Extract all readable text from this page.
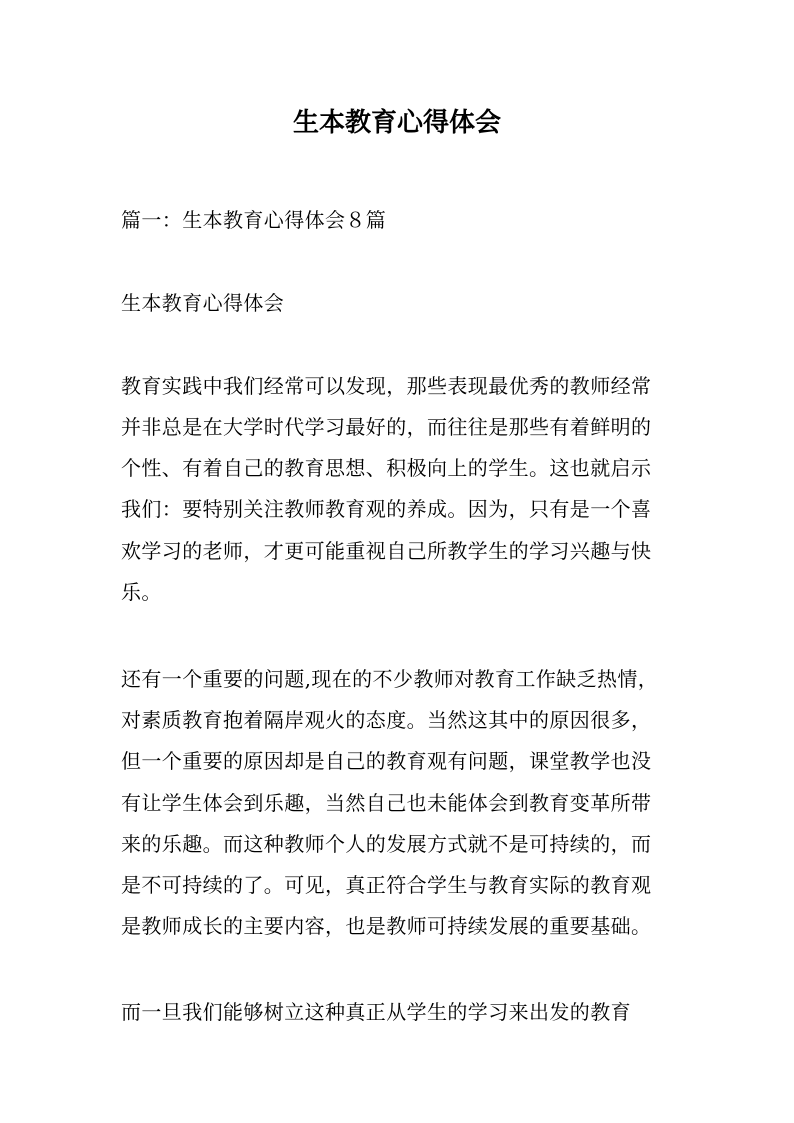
生本教育心得体会

篇一：生本教育心得体会８篇

生本教育心得体会

教育实践中我们经常可以发现，那些表现最优秀的教师经常

并非总是在大学时代学习最好的，而往往是那些有着鲜明的

个性、有着自己的教育思想、积极向上的学生。这也就启示

我们：要特别关注教师教育观的养成。因为，只有是一个喜

欢学习的老师，才更可能重视自己所教学生的学习兴趣与快

乐。

还有一个重要的问题,现在的不少教师对教育工作缺乏热情，

对素质教育抱着隔岸观火的态度。当然这其中的原因很多，

但一个重要的原因却是自己的教育观有问题，课堂教学也没

有让学生体会到乐趣，当然自己也未能体会到教育变革所带

来的乐趣。而这种教师个人的发展方式就不是可持续的，而

是不可持续的了。可见，真正符合学生与教育实际的教育观

是教师成长的主要内容，也是教师可持续发展的重要基础。

而一旦我们能够树立这种真正从学生的学习来出发的教育
